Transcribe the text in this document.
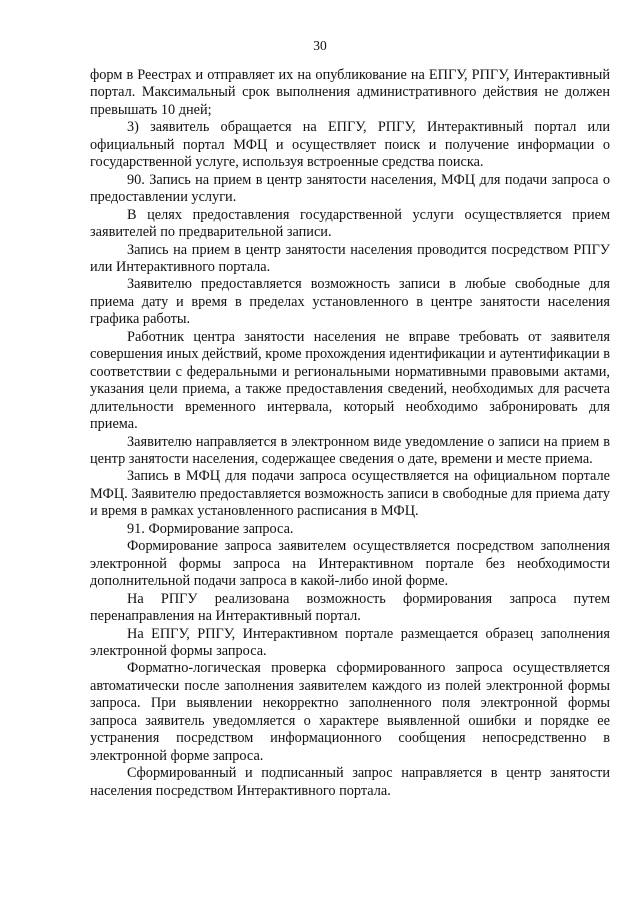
30

форм в Реестрах и отправляет их на опубликование на ЕПГУ, РПГУ, Интерактивный портал. Максимальный срок выполнения административного действия не должен превышать 10 дней;

3) заявитель обращается на ЕПГУ, РПГУ, Интерактивный портал или официальный портал МФЦ и осуществляет поиск и получение информации о государственной услуге, используя встроенные средства поиска.

90. Запись на прием в центр занятости населения, МФЦ для подачи запроса о предоставлении услуги.

В целях предоставления государственной услуги осуществляется прием заявителей по предварительной записи.

Запись на прием в центр занятости населения проводится посредством РПГУ или Интерактивного портала.

Заявителю предоставляется возможность записи в любые свободные для приема дату и время в пределах установленного в центре занятости населения графика работы.

Работник центра занятости населения не вправе требовать от заявителя совершения иных действий, кроме прохождения идентификации и аутентификации в соответствии с федеральными и региональными нормативными правовыми актами, указания цели приема, а также предоставления сведений, необходимых для расчета длительности временного интервала, который необходимо забронировать для приема.

Заявителю направляется в электронном виде уведомление о записи на прием в центр занятости населения, содержащее сведения о дате, времени и месте приема.

Запись в МФЦ для подачи запроса осуществляется на официальном портале МФЦ. Заявителю предоставляется возможность записи в свободные для приема дату и время в рамках установленного расписания в МФЦ.

91. Формирование запроса.

Формирование запроса заявителем осуществляется посредством заполнения электронной формы запроса на Интерактивном портале без необходимости дополнительной подачи запроса в какой-либо иной форме.

На РПГУ реализована возможность формирования запроса путем перенаправления на Интерактивный портал.

На ЕПГУ, РПГУ, Интерактивном портале размещается образец заполнения электронной формы запроса.

Форматно-логическая проверка сформированного запроса осуществляется автоматически после заполнения заявителем каждого из полей электронной формы запроса. При выявлении некорректно заполненного поля электронной формы запроса заявитель уведомляется о характере выявленной ошибки и порядке ее устранения посредством информационного сообщения непосредственно в электронной форме запроса.

Сформированный и подписанный запрос направляется в центр занятости населения посредством Интерактивного портала.
